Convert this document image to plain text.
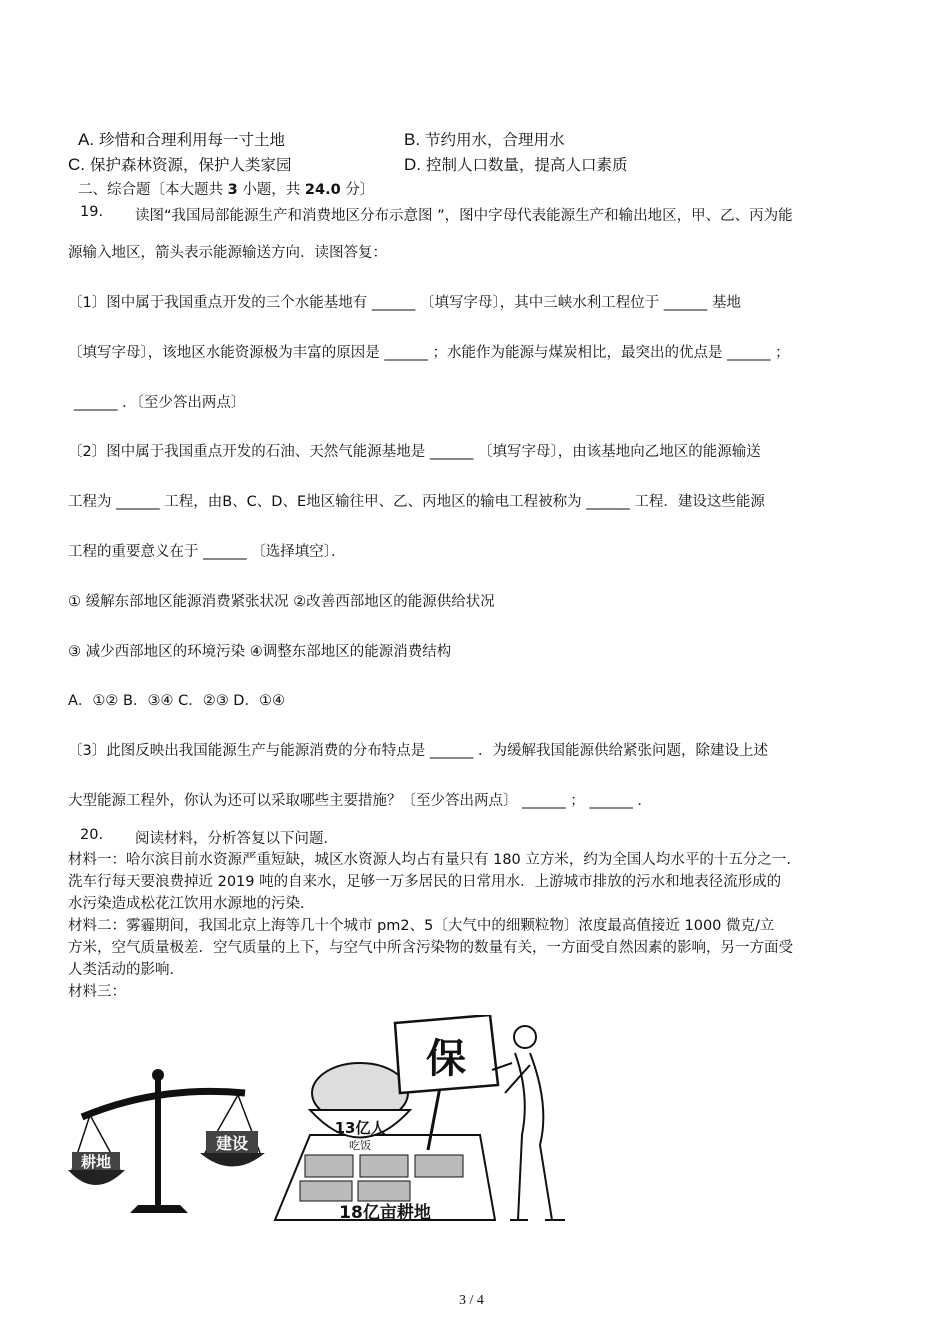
A. 珍惜和合理利用每一寸土地	B. 节约用水，合理用水
C. 保护森林资源，保护人类家园	D. 控制人口数量，提高人口素质
二、综合题〔本大题共 3 小题，共 24.0 分〕
19. 读图“我国局部能源生产和消费地区分布示意图 ”，图中字母代表能源生产和输出地区，甲、乙、丙为能
源输入地区，箭头表示能源输送方向．读图答复：
〔1〕图中属于我国重点开发的三个水能基地有 ______ 〔填写字母〕，其中三峡水利工程位于 ______ 基地
〔填写字母〕，该地区水能资源极为丰富的原因是 ______ ；水能作为能源与煤炭相比，最突出的优点是 ______ ；
______ ．〔至少答出两点〕
〔2〕图中属于我国重点开发的石油、天然气能源基地是 ______ 〔填写字母〕，由该基地向乙地区的能源输送
工程为 ______ 工程，由B、C、D、E地区输往甲、乙、丙地区的输电工程被称为 ______ 工程．建设这些能源
工程的重要意义在于 ______ 〔选择填空〕．
① 缓解东部地区能源消费紧张状况 ②改善西部地区的能源供给状况
③ 减少西部地区的环境污染 ④调整东部地区的能源消费结构
A．①② B．③④ C．②③ D．①④
〔3〕此图反映出我国能源生产与能源消费的分布特点是 ______ ．为缓解我国能源供给紧张问题，除建设上述
大型能源工程外，你认为还可以采取哪些主要措施？〔至少答出两点〕 ______ ； ______ ．
20. 阅读材料，分析答复以下问题．
材料一：哈尔滨目前水资源严重短缺，城区水资源人均占有量只有 180 立方米，约为全国人均水平的十五分之一．
洗车行每天要浪费掉近 2019 吨的自来水，足够一万多居民的日常用水．上游城市排放的污水和地表径流形成的
水污染造成松花江饮用水源地的污染．
材料二：雾霾期间，我国北京上海等几十个城市 pm2、5〔大气中的细颗粒物〕浓度最高值接近 1000 微克/立
方米，空气质量极差．空气质量的上下，与空气中所含污染物的数量有关，一方面受自然因素的影响，另一方面受
人类活动的影响．
材料三：
耕地
建设
18亿亩耕地
13亿人
吃饭
保
3 / 4
